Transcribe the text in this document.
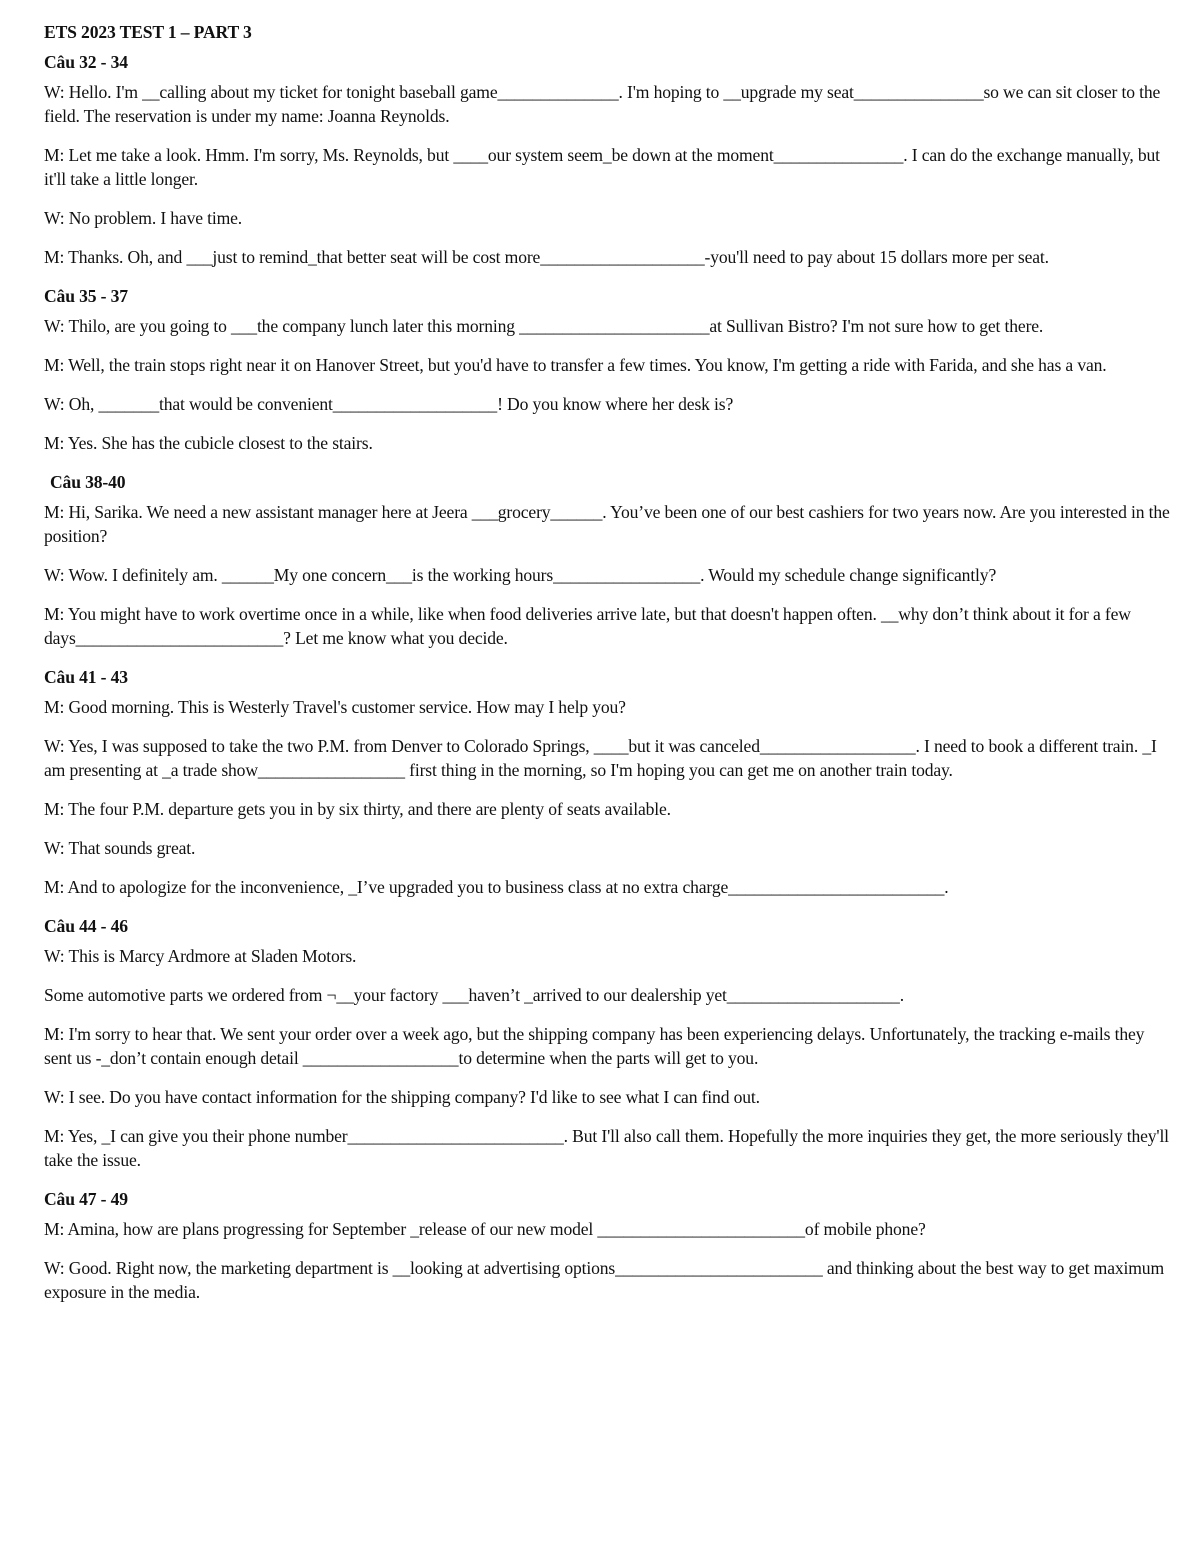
ETS 2023 TEST 1 – PART 3
Câu 32 - 34
W: Hello. I'm __calling about my ticket for tonight baseball game______________. I'm hoping to __upgrade my seat_______________so we can sit closer to the field. The reservation is under my name: Joanna Reynolds.
M: Let me take a look. Hmm. I'm sorry, Ms. Reynolds, but ____our system seem_be down at the moment_______________. I can do the exchange manually, but it'll take a little longer.
W: No problem. I have time.
M: Thanks. Oh, and ___just to remind_that better seat will be cost more___________________-you'll need to pay about 15 dollars more per seat.
Câu 35 - 37
W: Thilo, are you going to ___the company lunch later this morning ______________________at Sullivan Bistro? I'm not sure how to get there.
M: Well, the train stops right near it on Hanover Street, but you'd have to transfer a few times. You know, I'm getting a ride with Farida, and she has a van.
W: Oh, _______that would be convenient___________________! Do you know where her desk is?
M: Yes. She has the cubicle closest to the stairs.
Câu 38-40
M: Hi, Sarika. We need a new assistant manager here at Jeera ___grocery______. You’ve been one of our best cashiers for two years now. Are you interested in the position?
W: Wow. I definitely am. ______My one concern___is the working hours_________________. Would my schedule change significantly?
M: You might have to work overtime once in a while, like when food deliveries arrive late, but that doesn't happen often. __why don’t think about it for a few days________________________? Let me know what you decide.
Câu 41 - 43
M: Good morning. This is Westerly Travel's customer service. How may I help you?
W: Yes, I was supposed to take the two P.M. from Denver to Colorado Springs, ____but it was canceled__________________. I need to book a different train. _I am presenting at _a trade show_________________ first thing in the morning, so I'm hoping you can get me on another train today.
M: The four P.M. departure gets you in by six thirty, and there are plenty of seats available.
W: That sounds great.
M: And to apologize for the inconvenience, _I’ve upgraded you to business class at no extra charge_________________________.
Câu 44 - 46
W: This is Marcy Ardmore at Sladen Motors.
Some automotive parts we ordered from ¬__your factory ___haven’t _arrived to our dealership yet____________________.
M: I'm sorry to hear that. We sent your order over a week ago, but the shipping company has been experiencing delays. Unfortunately, the tracking e-mails they sent us -_don’t contain enough detail __________________to determine when the parts will get to you.
W: I see. Do you have contact information for the shipping company? I'd like to see what I can find out.
M: Yes, _I can give you their phone number_________________________. But I'll also call them. Hopefully the more inquiries they get, the more seriously they'll take the issue.
Câu 47 - 49
M: Amina, how are plans progressing for September _release of our new model ________________________of mobile phone?
W: Good. Right now, the marketing department is __looking at advertising options________________________ and thinking about the best way to get maximum exposure in the media.
